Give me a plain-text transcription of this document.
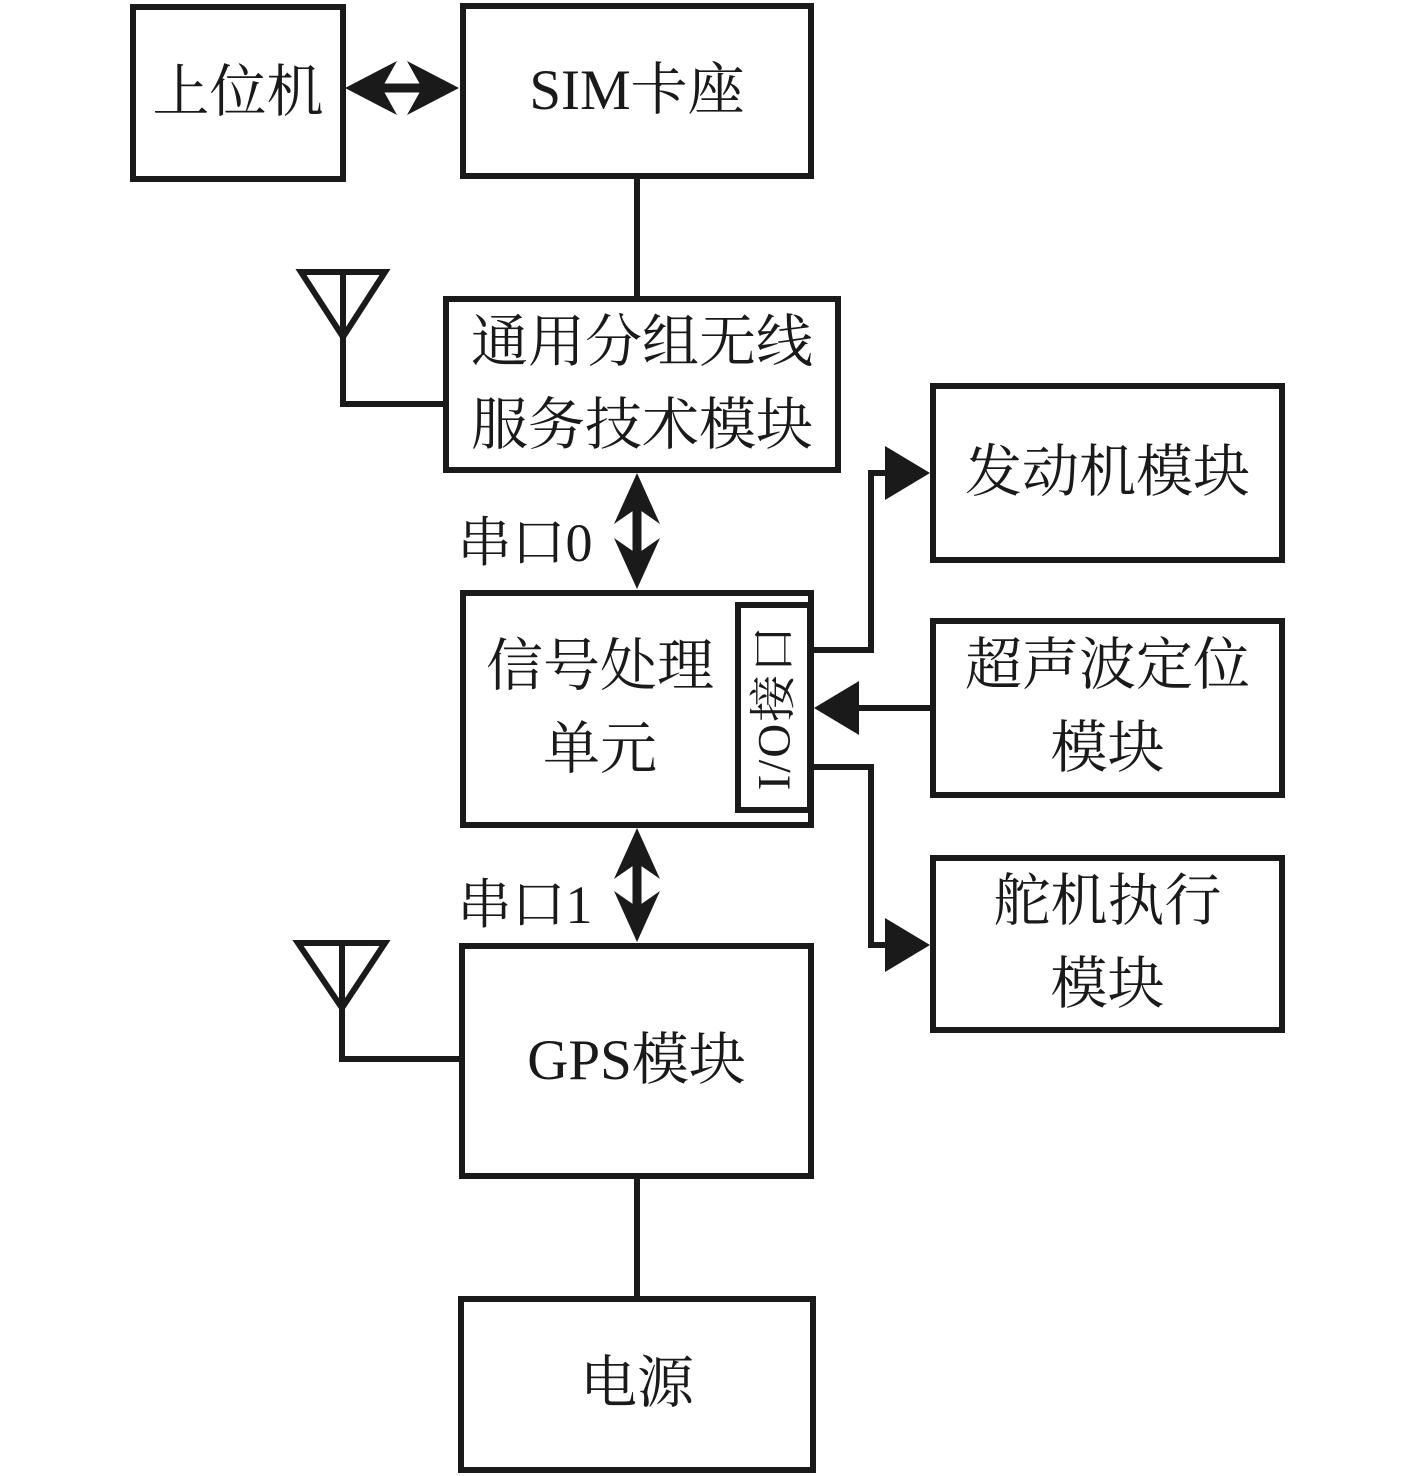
上位机	SIM卡座
通用分组无线
服务技术模块
信号处理
单元 I/O接口
发动机模块
超声波定位
模块
舵机执行
模块
GPS模块
电源
串口0
串口1
